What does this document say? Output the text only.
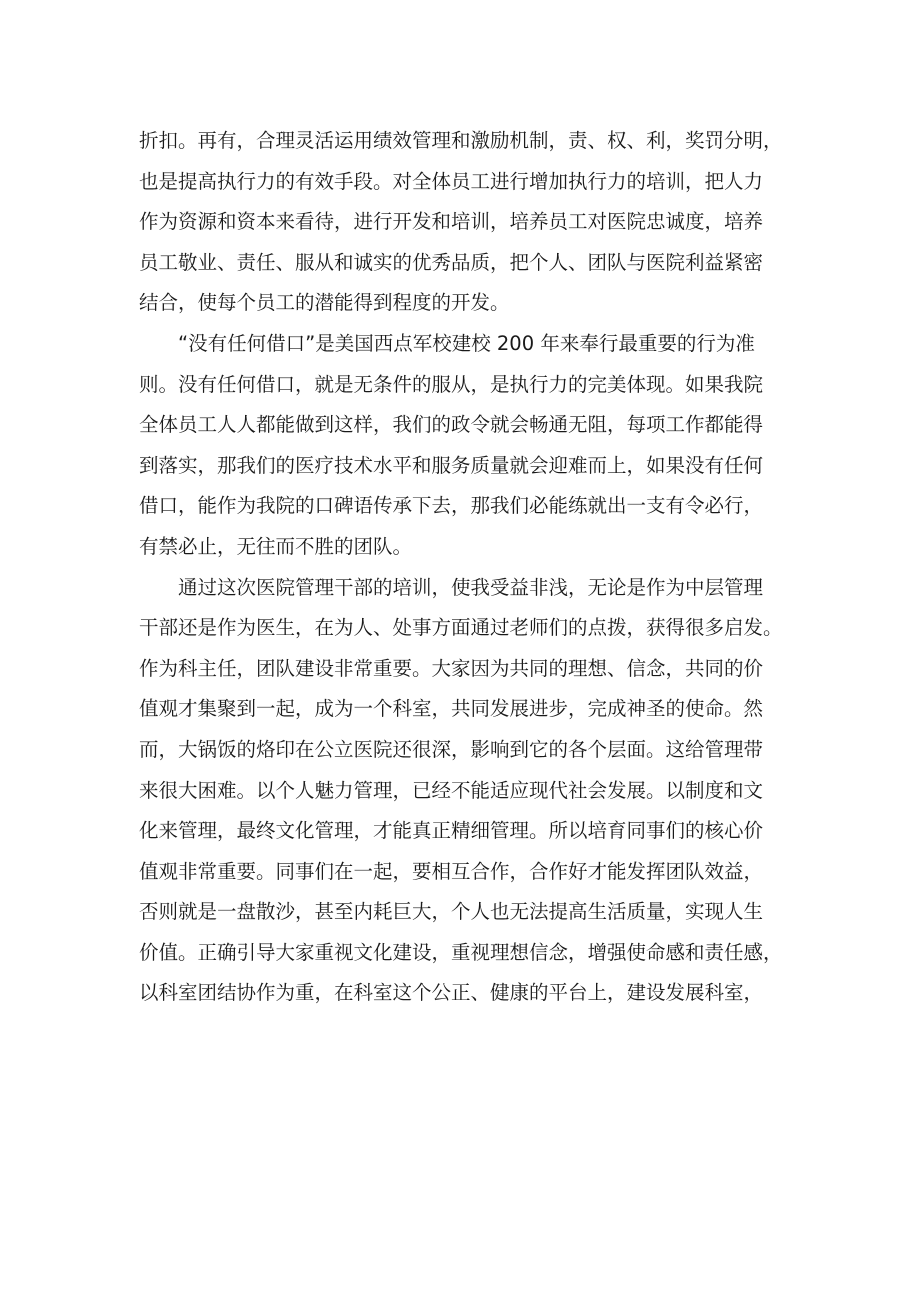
折扣。再有，合理灵活运用绩效管理和激励机制，责、权、利，奖罚分明，
也是提高执行力的有效手段。对全体员工进行增加执行力的培训，把人力
作为资源和资本来看待，进行开发和培训，培养员工对医院忠诚度，培养
员工敬业、责任、服从和诚实的优秀品质，把个人、团队与医院利益紧密
结合，使每个员工的潜能得到程度的开发。
“没有任何借口”是美国西点军校建校 200 年来奉行最重要的行为准
则。没有任何借口，就是无条件的服从，是执行力的完美体现。如果我院
全体员工人人都能做到这样，我们的政令就会畅通无阻，每项工作都能得
到落实，那我们的医疗技术水平和服务质量就会迎难而上，如果没有任何
借口，能作为我院的口碑语传承下去，那我们必能练就出一支有令必行，
有禁必止，无往而不胜的团队。
通过这次医院管理干部的培训，使我受益非浅，无论是作为中层管理
干部还是作为医生，在为人、处事方面通过老师们的点拨，获得很多启发。
作为科主任，团队建设非常重要。大家因为共同的理想、信念，共同的价
值观才集聚到一起，成为一个科室，共同发展进步，完成神圣的使命。然
而，大锅饭的烙印在公立医院还很深，影响到它的各个层面。这给管理带
来很大困难。以个人魅力管理，已经不能适应现代社会发展。以制度和文
化来管理，最终文化管理，才能真正精细管理。所以培育同事们的核心价
值观非常重要。同事们在一起，要相互合作，合作好才能发挥团队效益，
否则就是一盘散沙，甚至内耗巨大，个人也无法提高生活质量，实现人生
价值。正确引导大家重视文化建设，重视理想信念，增强使命感和责任感，
以科室团结协作为重，在科室这个公正、健康的平台上，建设发展科室，
